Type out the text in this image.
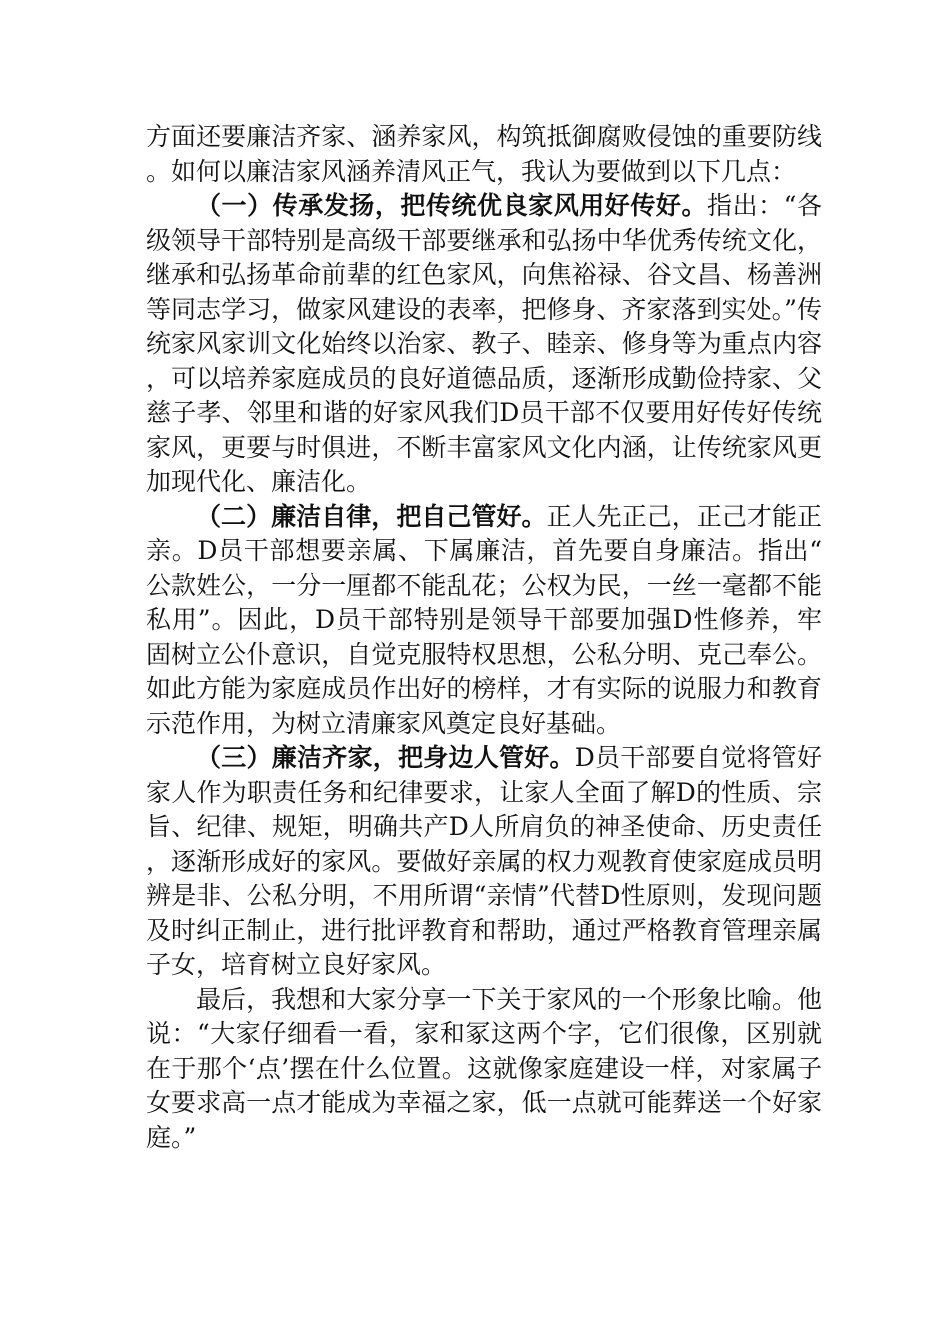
方面还要廉洁齐家、涵养家风，构筑抵御腐败侵蚀的重要防线。如何以廉洁家风涵养清风正气，我认为要做到以下几点：

（一）传承发扬，把传统优良家风用好传好。指出：“各级领导干部特别是高级干部要继承和弘扬中华优秀传统文化，继承和弘扬革命前辈的红色家风，向焦裕禄、谷文昌、杨善洲等同志学习，做家风建设的表率，把修身、齐家落到实处。”传统家风家训文化始终以治家、教子、睦亲、修身等为重点内容，可以培养家庭成员的良好道德品质，逐渐形成勤俭持家、父慈子孝、邻里和谐的好家风我们D员干部不仅要用好传好传统家风，更要与时俱进，不断丰富家风文化内涵，让传统家风更加现代化、廉洁化。

（二）廉洁自律，把自己管好。正人先正己，正己才能正亲。D员干部想要亲属、下属廉洁，首先要自身廉洁。指出“公款姓公，一分一厘都不能乱花；公权为民，一丝一毫都不能私用”。因此，D员干部特别是领导干部要加强D性修养，牢固树立公仆意识，自觉克服特权思想，公私分明、克己奉公。如此方能为家庭成员作出好的榜样，才有实际的说服力和教育示范作用，为树立清廉家风奠定良好基础。

（三）廉洁齐家，把身边人管好。D员干部要自觉将管好家人作为职责任务和纪律要求，让家人全面了解D的性质、宗旨、纪律、规矩，明确共产D人所肩负的神圣使命、历史责任，逐渐形成好的家风。要做好亲属的权力观教育使家庭成员明辨是非、公私分明，不用所谓“亲情”代替D性原则，发现问题及时纠正制止，进行批评教育和帮助，通过严格教育管理亲属子女，培育树立良好家风。

最后，我想和大家分享一下关于家风的一个形象比喻。他说：“大家仔细看一看，家和冢这两个字，它们很像，区别就在于那个‘点’摆在什么位置。这就像家庭建设一样，对家属子女要求高一点才能成为幸福之家，低一点就可能葬送一个好家庭。”
